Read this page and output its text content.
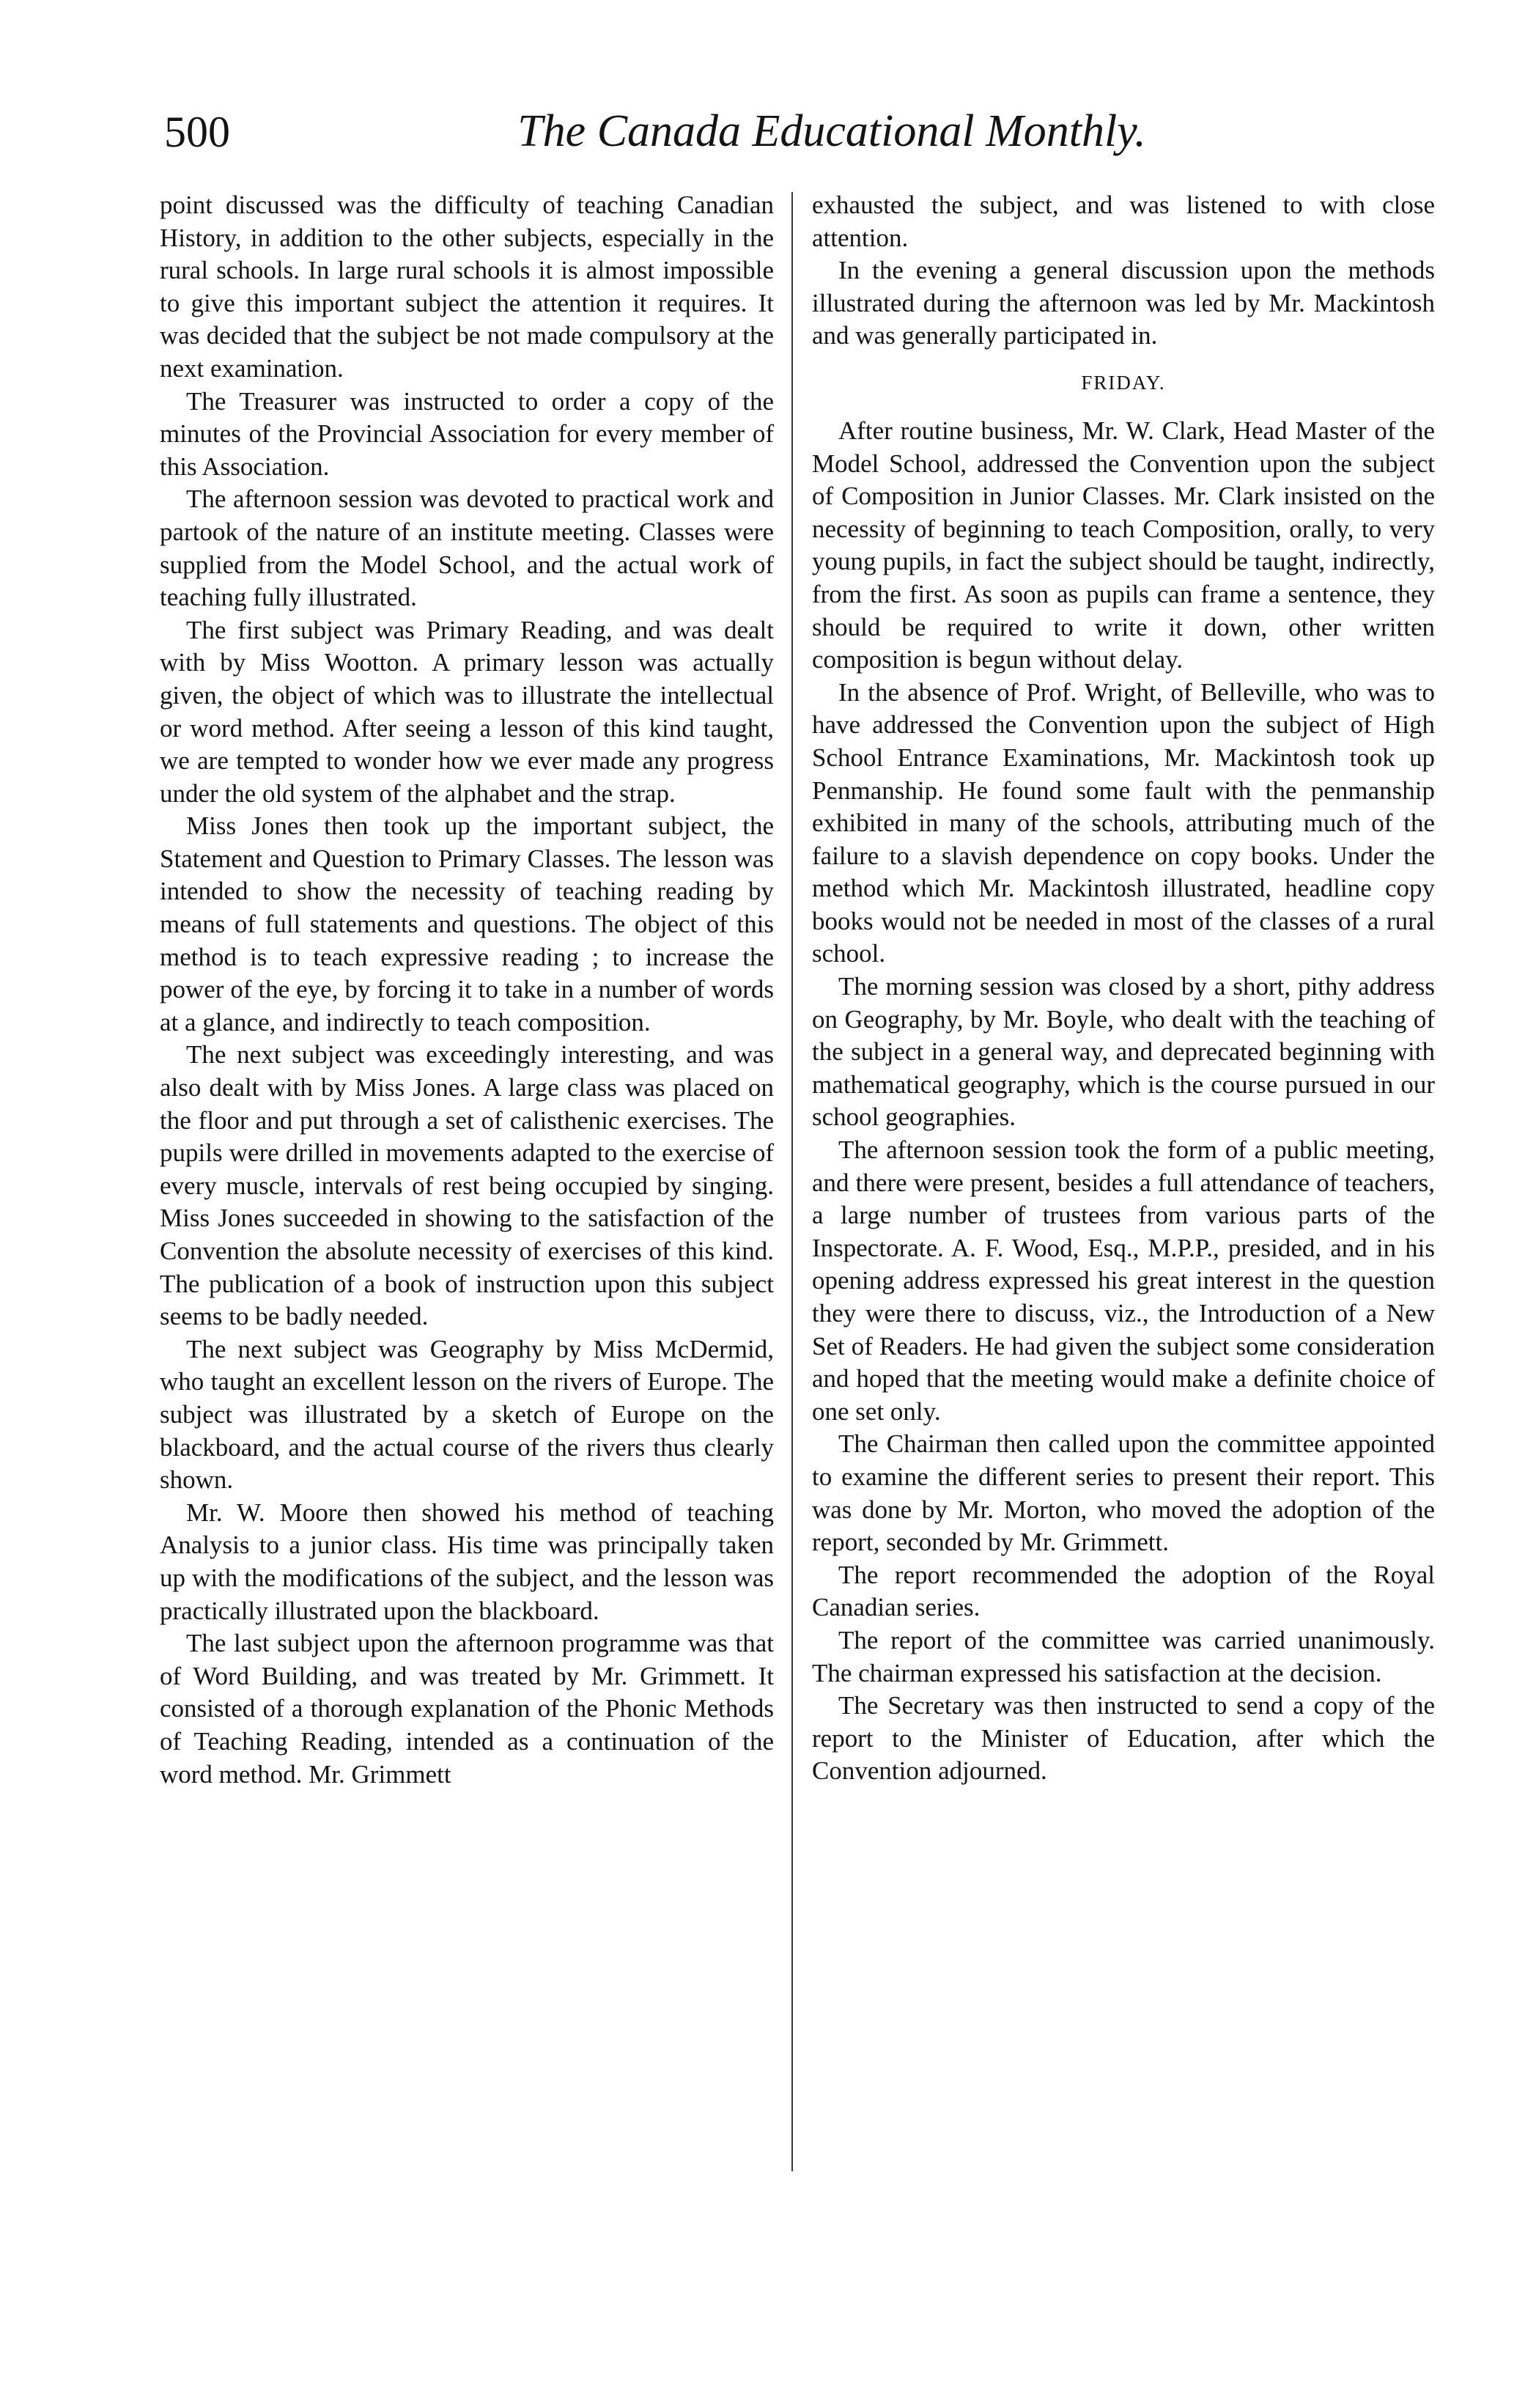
500	The Canada Educational Monthly.

point discussed was the difficulty of teaching Canadian History, in addition to the other subjects, especially in the rural schools. In large rural schools it is almost impossible to give this important subject the attention it requires. It was decided that the subject be not made compulsory at the next examination.

The Treasurer was instructed to order a copy of the minutes of the Provincial Association for every member of this Association.

The afternoon session was devoted to practical work and partook of the nature of an institute meeting. Classes were supplied from the Model School, and the actual work of teaching fully illustrated.

The first subject was Primary Reading, and was dealt with by Miss Wootton. A primary lesson was actually given, the object of which was to illustrate the intellectual or word method. After seeing a lesson of this kind taught, we are tempted to wonder how we ever made any progress under the old system of the alphabet and the strap.

Miss Jones then took up the important subject, the Statement and Question to Primary Classes. The lesson was intended to show the necessity of teaching reading by means of full statements and questions. The object of this method is to teach expressive reading ; to increase the power of the eye, by forcing it to take in a number of words at a glance, and indirectly to teach composition.

The next subject was exceedingly interesting, and was also dealt with by Miss Jones. A large class was placed on the floor and put through a set of calisthenic exercises. The pupils were drilled in movements adapted to the exercise of every muscle, intervals of rest being occupied by singing. Miss Jones succeeded in showing to the satisfaction of the Convention the absolute necessity of exercises of this kind. The publication of a book of instruction upon this subject seems to be badly needed.

The next subject was Geography by Miss McDermid, who taught an excellent lesson on the rivers of Europe. The subject was illustrated by a sketch of Europe on the blackboard, and the actual course of the rivers thus clearly shown.

Mr. W. Moore then showed his method of teaching Analysis to a junior class. His time was principally taken up with the modifications of the subject, and the lesson was practically illustrated upon the blackboard.

The last subject upon the afternoon programme was that of Word Building, and was treated by Mr. Grimmett. It consisted of a thorough explanation of the Phonic Methods of Teaching Reading, intended as a continuation of the word method. Mr. Grimmett

exhausted the subject, and was listened to with close attention.

In the evening a general discussion upon the methods illustrated during the afternoon was led by Mr. Mackintosh and was generally participated in.

FRIDAY.

After routine business, Mr. W. Clark, Head Master of the Model School, addressed the Convention upon the subject of Composition in Junior Classes. Mr. Clark insisted on the necessity of beginning to teach Composition, orally, to very young pupils, in fact the subject should be taught, indirectly, from the first. As soon as pupils can frame a sentence, they should be required to write it down, other written composition is begun without delay.

In the absence of Prof. Wright, of Belleville, who was to have addressed the Convention upon the subject of High School Entrance Examinations, Mr. Mackintosh took up Penmanship. He found some fault with the penmanship exhibited in many of the schools, attributing much of the failure to a slavish dependence on copy books. Under the method which Mr. Mackintosh illustrated, headline copy books would not be needed in most of the classes of a rural school.

The morning session was closed by a short, pithy address on Geography, by Mr. Boyle, who dealt with the teaching of the subject in a general way, and deprecated beginning with mathematical geography, which is the course pursued in our school geographies.

The afternoon session took the form of a public meeting, and there were present, besides a full attendance of teachers, a large number of trustees from various parts of the Inspectorate. A. F. Wood, Esq., M.P.P., presided, and in his opening address expressed his great interest in the question they were there to discuss, viz., the Introduction of a New Set of Readers. He had given the subject some consideration and hoped that the meeting would make a definite choice of one set only.

The Chairman then called upon the committee appointed to examine the different series to present their report. This was done by Mr. Morton, who moved the adoption of the report, seconded by Mr. Grimmett.

The report recommended the adoption of the Royal Canadian series.

The report of the committee was carried unanimously. The chairman expressed his satisfaction at the decision.

The Secretary was then instructed to send a copy of the report to the Minister of Education, after which the Convention adjourned.
